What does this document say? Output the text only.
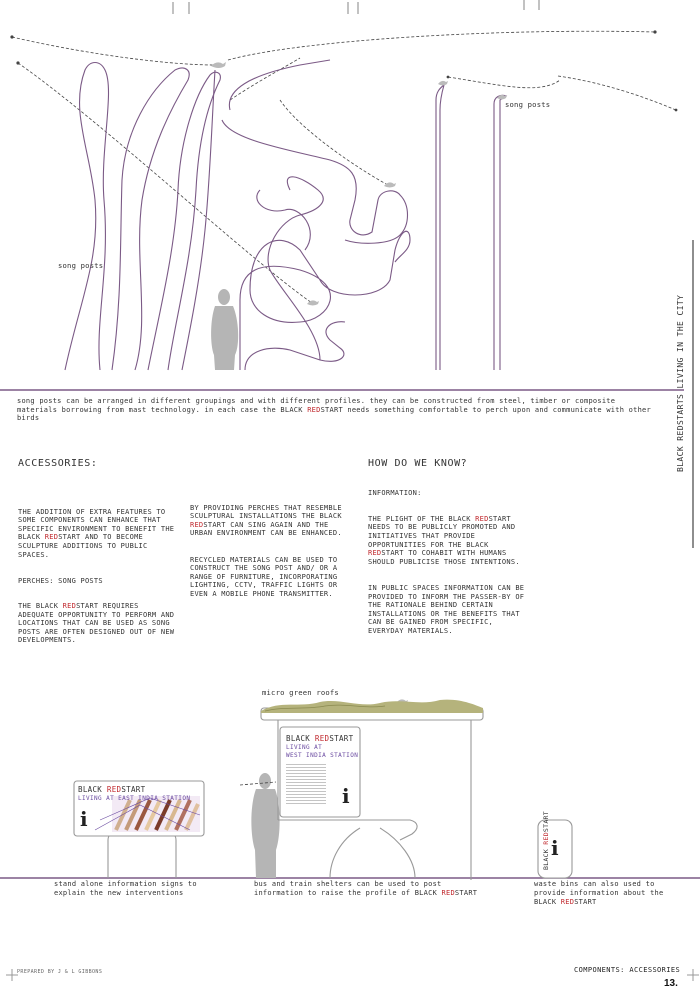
song posts
song posts
song posts can be arranged in different groupings and with different profiles. they can be constructed from steel, timber or composite materials borrowing from mast technology. in each case the BLACK REDSTART needs something comfortable to perch upon and communicate with other birds	BLACK REDSTARTS LIVING IN THE CITY
ACCESSORIES:

THE ADDITION OF EXTRA FEATURES TO SOME COMPONENTS CAN ENHANCE THAT SPECIFIC ENVIRONMENT TO BENEFIT THE BLACK REDSTART AND TO BECOME SCULPTURE ADDITIONS TO PUBLIC SPACES.

PERCHES: SONG POSTS

THE BLACK REDSTART REQUIRES ADEQUATE OPPORTUNITY TO PERFORM AND LOCATIONS THAT CAN BE USED AS SONG POSTS ARE OFTEN DESIGNED OUT OF NEW DEVELOPMENTS.

BY PROVIDING PERCHES THAT RESEMBLE SCULPTURAL INSTALLATIONS THE BLACK REDSTART CAN SING AGAIN AND THE URBAN ENVIRONMENT CAN BE ENHANCED.

RECYCLED MATERIALS CAN BE USED TO CONSTRUCT THE SONG POST AND/ OR A RANGE OF FURNITURE, INCORPORATING LIGHTING, CCTV, TRAFFIC LIGHTS OR EVEN A MOBILE PHONE TRANSMITTER.

HOW DO WE KNOW?

INFORMATION:

THE PLIGHT OF THE BLACK REDSTART NEEDS TO BE PUBLICLY PROMOTED AND INITIATIVES THAT PROVIDE OPPORTUNITIES FOR THE BLACK REDSTART TO COHABIT WITH HUMANS SHOULD PUBLICISE THOSE INTENTIONS.

IN PUBLIC SPACES INFORMATION CAN BE PROVIDED TO INFORM THE PASSER-BY OF THE RATIONALE BEHIND CERTAIN INSTALLATIONS OR THE BENEFITS THAT CAN BE GAINED FROM SPECIFIC, EVERYDAY MATERIALS.

micro green roofs
BLACK REDSTART
LIVING AT EAST INDIA STATION
i
BLACK REDSTART
LIVING AT
WEST INDIA STATION
i
BLACK REDSTART
i
stand alone information signs to explain the new interventions
bus and train shelters can be used to post information to raise the profile of BLACK REDSTART
waste bins can also used to provide information about the BLACK REDSTART
PREPARED BY J & L GIBBONS	COMPONENTS: ACCESSORIES
13.
